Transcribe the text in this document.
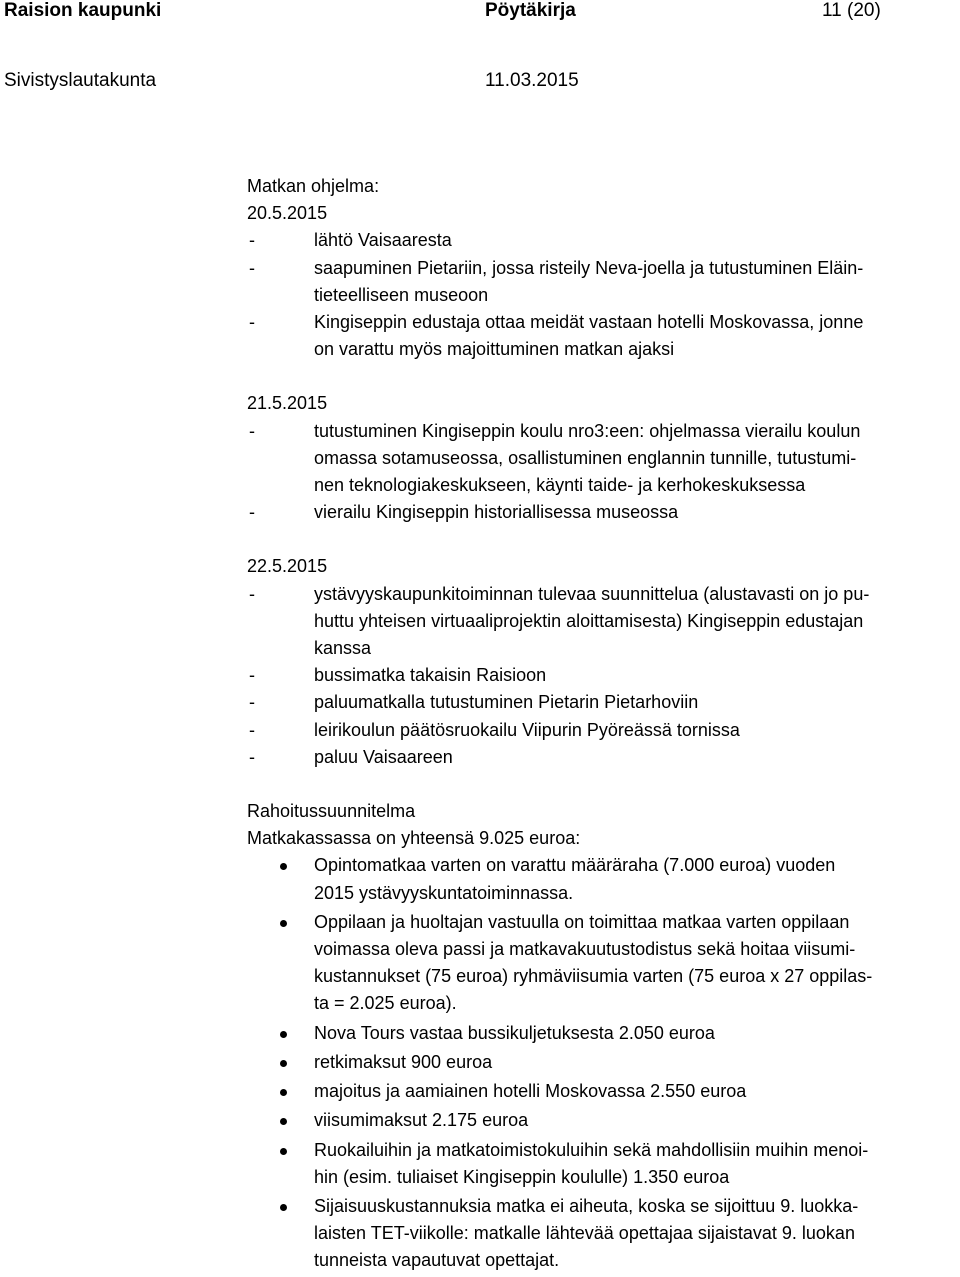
Raision kaupunki	Pöytäkirja	11 (20)
Sivistyslautakunta	11.03.2015
Matkan ohjelma:
20.5.2015
-	lähtö Vaisaaresta
-	saapuminen Pietariin, jossa risteily Neva-joella ja tutustuminen Eläin-
tieteelliseen museoon
-	Kingiseppin edustaja ottaa meidät vastaan hotelli Moskovassa, jonne
on varattu myös majoittuminen matkan ajaksi
21.5.2015
-	tutustuminen Kingiseppin koulu nro3:een: ohjelmassa vierailu koulun
omassa sotamuseossa, osallistuminen englannin tunnille, tutustumi-
nen teknologiakeskukseen, käynti taide- ja kerhokeskuksessa
-	vierailu Kingiseppin historiallisessa museossa
22.5.2015
-	ystävyyskaupunkitoiminnan tulevaa suunnittelua (alustavasti on jo pu-
huttu yhteisen virtuaaliprojektin aloittamisesta) Kingiseppin edustajan
kanssa
-	bussimatka takaisin Raisioon
-	paluumatkalla tutustuminen Pietarin Pietarhoviin
-	leirikoulun päätösruokailu Viipurin Pyöreässä tornissa
-	paluu Vaisaareen
Rahoitussuunnitelma
Matkakassassa on yhteensä 9.025 euroa:
Opintomatkaa varten on varattu määräraha (7.000 euroa) vuoden
2015 ystävyyskuntatoiminnassa.
Oppilaan ja huoltajan vastuulla on toimittaa matkaa varten oppilaan
voimassa oleva passi ja matkavakuutustodistus sekä hoitaa viisumi-
kustannukset (75 euroa) ryhmäviisumia varten (75 euroa x 27 oppilas-
ta = 2.025 euroa).
Nova Tours vastaa bussikuljetuksesta 2.050 euroa
retkimaksut 900 euroa
majoitus ja aamiainen hotelli Moskovassa 2.550 euroa
viisumimaksut 2.175 euroa
Ruokailuihin ja matkatoimistokuluihin sekä mahdollisiin muihin menoi-
hin (esim. tuliaiset Kingiseppin koululle) 1.350 euroa
Sijaisuuskustannuksia matka ei aiheuta, koska se sijoittuu 9. luokka-
laisten TET-viikolle: matkalle lähtevää opettajaa sijaistavat 9. luokan
tunneista vapautuvat opettajat.
